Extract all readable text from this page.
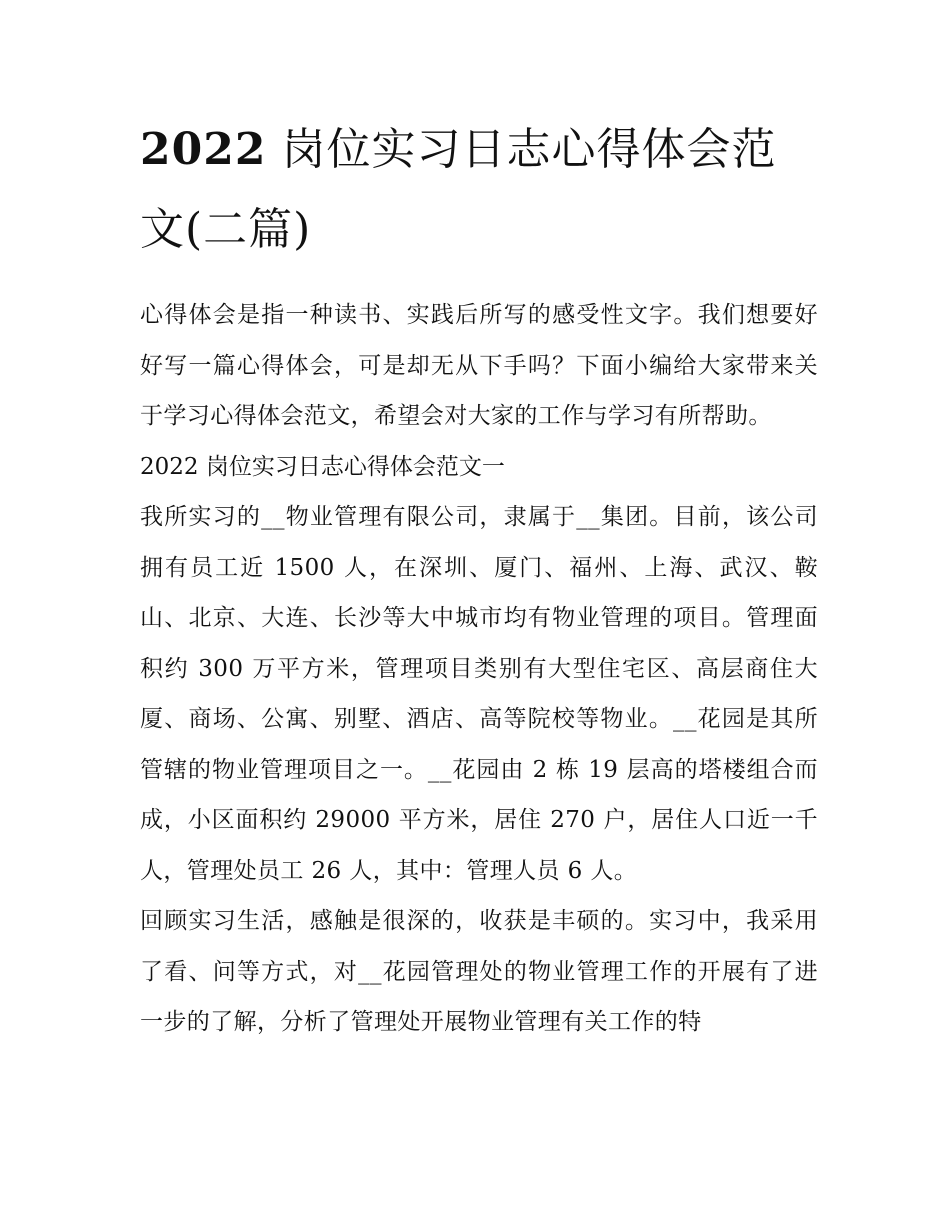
2022 岗位实习日志心得体会范文(二篇)

心得体会是指一种读书、实践后所写的感受性文字。我们想要好好写一篇心得体会，可是却无从下手吗？下面小编给大家带来关于学习心得体会范文，希望会对大家的工作与学习有所帮助。

2022 岗位实习日志心得体会范文一

我所实习的__物业管理有限公司，隶属于__集团。目前，该公司拥有员工近 1500 人，在深圳、厦门、福州、上海、武汉、鞍山、北京、大连、长沙等大中城市均有物业管理的项目。管理面积约 300 万平方米，管理项目类别有大型住宅区、高层商住大厦、商场、公寓、别墅、酒店、高等院校等物业。__花园是其所管辖的物业管理项目之一。__花园由 2 栋 19 层高的塔楼组合而成，小区面积约 29000 平方米，居住 270 户，居住人口近一千人，管理处员工 26 人，其中：管理人员 6 人。

回顾实习生活，感触是很深的，收获是丰硕的。实习中，我采用了看、问等方式，对__花园管理处的物业管理工作的开展有了进一步的了解，分析了管理处开展物业管理有关工作的特
